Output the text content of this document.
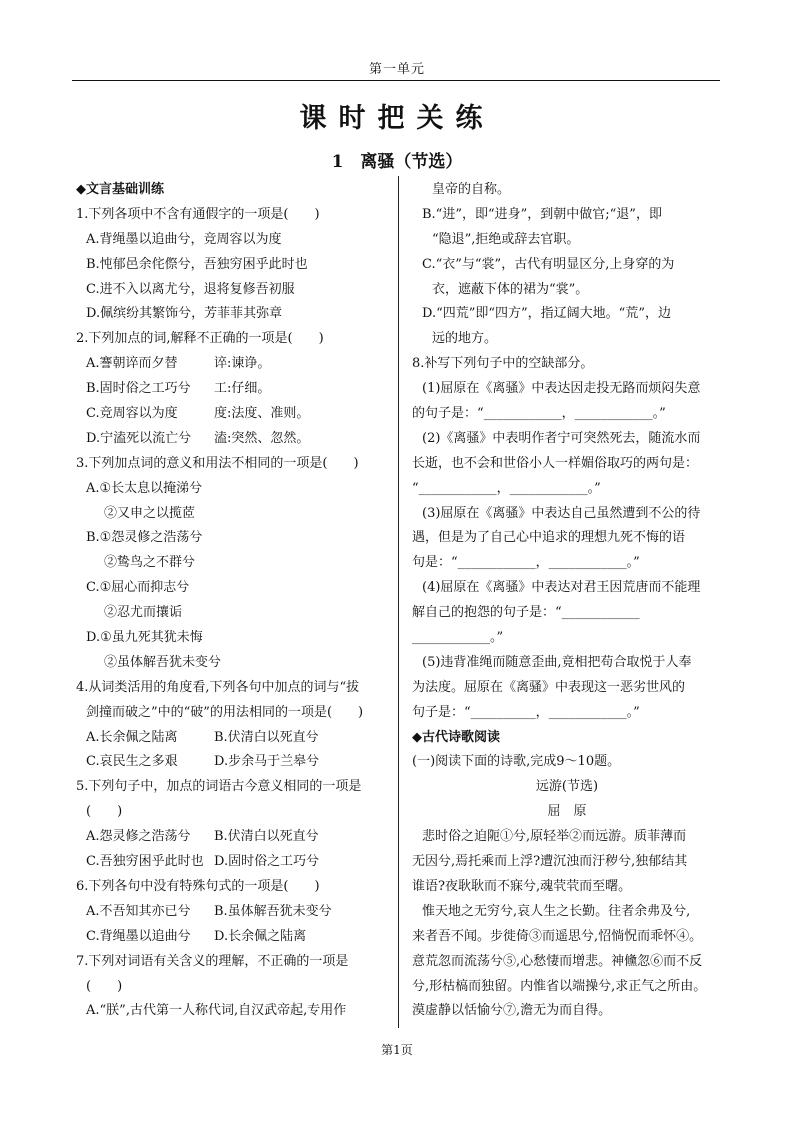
第一单元
课时把关练
1　离骚（节选）
◆文言基础训练
1.下列各项中不含有通假字的一项是(　　)
A.背绳墨以追曲兮，竞周容以为度
B.忳郁邑余侘傺兮，吾独穷困乎此时也
C.进不入以离尤兮，退将复修吾初服
D.佩缤纷其繁饰兮，芳菲菲其弥章
2.下列加点的词,解释不正确的一项是(　　)
A.謇朝谇而夕替	谇:谏诤。
B.固时俗之工巧兮	工:仔细。
C.竞周容以为度	度:法度、准则。
D.宁溘死以流亡兮	溘:突然、忽然。
3.下列加点词的意义和用法不相同的一项是(　　)
A.①长太息以掩涕兮
②又申之以揽茝
B.①怨灵修之浩荡兮
②鸷鸟之不群兮
C.①屈心而抑志兮
②忍尤而攘诟
D.①虽九死其犹未悔
②虽体解吾犹未变兮
4.从词类活用的角度看,下列各句中加点的词与“拔
剑撞而破之”中的“破”的用法相同的一项是(　　)
A.长余佩之陆离	B.伏清白以死直兮
C.哀民生之多艰	D.步余马于兰皋兮
5.下列句子中，加点的词语古今意义相同的一项是
(　　)
A.怨灵修之浩荡兮	B.伏清白以死直兮
C.吾独穷困乎此时也 D.固时俗之工巧兮
6.下列各句中没有特殊句式的一项是(　　)
A.不吾知其亦已兮	B.虽体解吾犹未变兮
C.背绳墨以追曲兮	D.长余佩之陆离
7.下列对词语有关含义的理解，不正确的一项是
(　　)
A.“朕”,古代第一人称代词,自汉武帝起,专用作
皇帝的自称。
B.“进”，即“进身”，到朝中做官;“退”，即
“隐退”,拒绝或辞去官职。
C.“衣”与“裳”，古代有明显区分,上身穿的为
衣，遮蔽下体的裙为“裳”。
D.“四荒”即“四方”，指辽阔大地。“荒”，边
远的地方。
8.补写下列句子中的空缺部分。
(1)屈原在《离骚》中表达因走投无路而烦闷失意
的句子是：“____________，____________。”
(2)《离骚》中表明作者宁可突然死去，随流水而
长逝，也不会和世俗小人一样媚俗取巧的两句是：
“____________，____________。”
(3)屈原在《离骚》中表达自己虽然遭到不公的待
遇，但是为了自己心中追求的理想九死不悔的语
句是：“____________，____________。”
(4)屈原在《离骚》中表达对君王因荒唐而不能理
解自己的抱怨的句子是：“____________
____________。”
(5)违背准绳而随意歪曲,竟相把苟合取悦于人奉
为法度。屈原在《离骚》中表现这一恶劣世风的
句子是：“__________，____________。”
◆古代诗歌阅读
(一)阅读下面的诗歌,完成9～10题。
远游(节选)
屈　原
悲时俗之迫阨①兮,原轻举②而远游。质菲薄而
无因兮,焉托乘而上浮?遭沉浊而汙秽兮,独郁结其
谁语?夜耿耿而不寐兮,魂茕茕而至曙。
惟天地之无穷兮,哀人生之长勤。往者余弗及兮,
来者吾不闻。步徙倚③而遥思兮,怊惝怳而乖怀④。
意荒忽而流荡兮⑤,心愁悽而增悲。神儵忽⑥而不反
兮,形枯槁而独留。内惟省以端操兮,求正气之所由。
漠虚静以恬愉兮⑦,澹无为而自得。
第1页
